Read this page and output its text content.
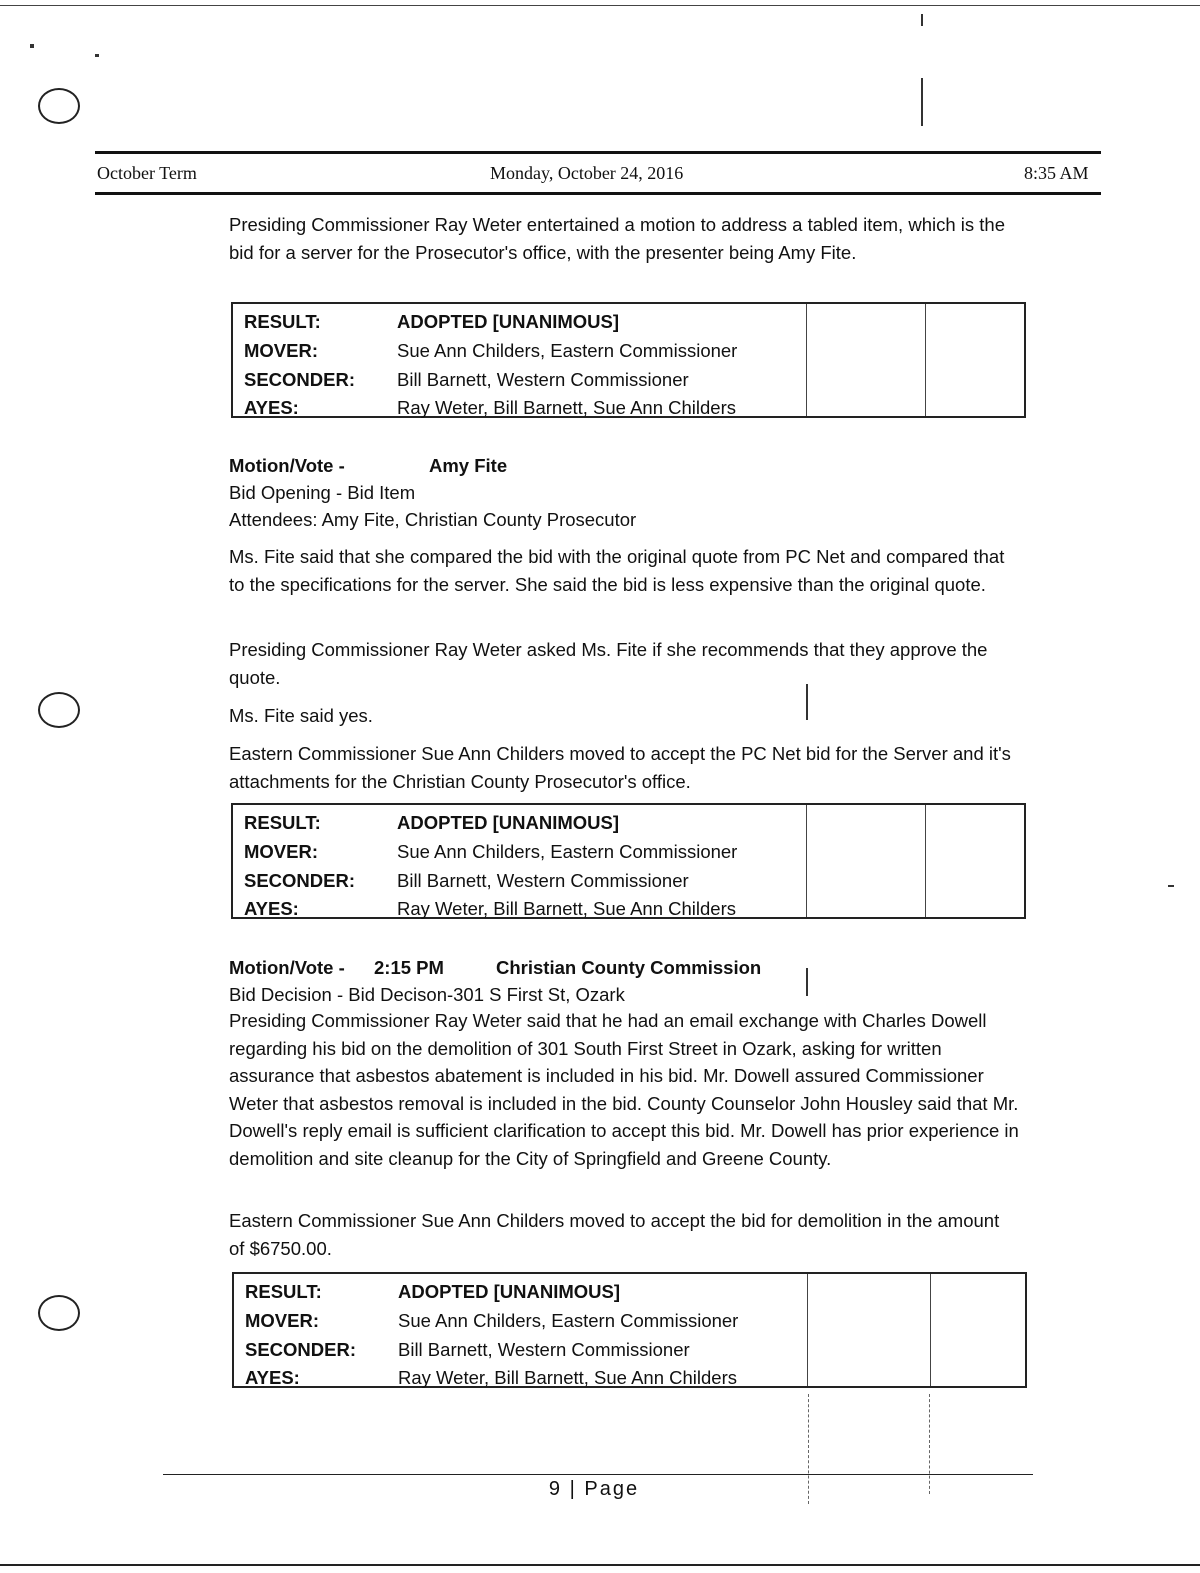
October Term	Monday, October 24, 2016	8:35 AM
Presiding Commissioner Ray Weter entertained a motion to address a tabled item, which is the bid for a server for the Prosecutor's office, with the presenter being Amy Fite.
RESULT:	ADOPTED [UNANIMOUS]
MOVER:	Sue Ann Childers, Eastern Commissioner
SECONDER:	Bill Barnett, Western Commissioner
AYES:	Ray Weter, Bill Barnett, Sue Ann Childers
Motion/Vote -	Amy Fite
Bid Opening - Bid Item
Attendees: Amy Fite, Christian County Prosecutor
Ms. Fite said that she compared the bid with the original quote from PC Net and compared that to the specifications for the server. She said the bid is less expensive than the original quote.
Presiding Commissioner Ray Weter asked Ms. Fite if she recommends that they approve the quote.
Ms. Fite said yes.
Eastern Commissioner Sue Ann Childers moved to accept the PC Net bid for the Server and it's attachments for the Christian County Prosecutor's office.
RESULT:	ADOPTED [UNANIMOUS]
MOVER:	Sue Ann Childers, Eastern Commissioner
SECONDER:	Bill Barnett, Western Commissioner
AYES:	Ray Weter, Bill Barnett, Sue Ann Childers
Motion/Vote - 2:15 PM	Christian County Commission
Bid Decision - Bid Decison-301 S First St, Ozark
Presiding Commissioner Ray Weter said that he had an email exchange with Charles Dowell regarding his bid on the demolition of 301 South First Street in Ozark, asking for written assurance that asbestos abatement is included in his bid. Mr. Dowell assured Commissioner Weter that asbestos removal is included in the bid. County Counselor John Housley said that Mr. Dowell's reply email is sufficient clarification to accept this bid. Mr. Dowell has prior experience in demolition and site cleanup for the City of Springfield and Greene County.
Eastern Commissioner Sue Ann Childers moved to accept the bid for demolition in the amount of $6750.00.
RESULT:	ADOPTED [UNANIMOUS]
MOVER:	Sue Ann Childers, Eastern Commissioner
SECONDER:	Bill Barnett, Western Commissioner
AYES:	Ray Weter, Bill Barnett, Sue Ann Childers
9 | Page
